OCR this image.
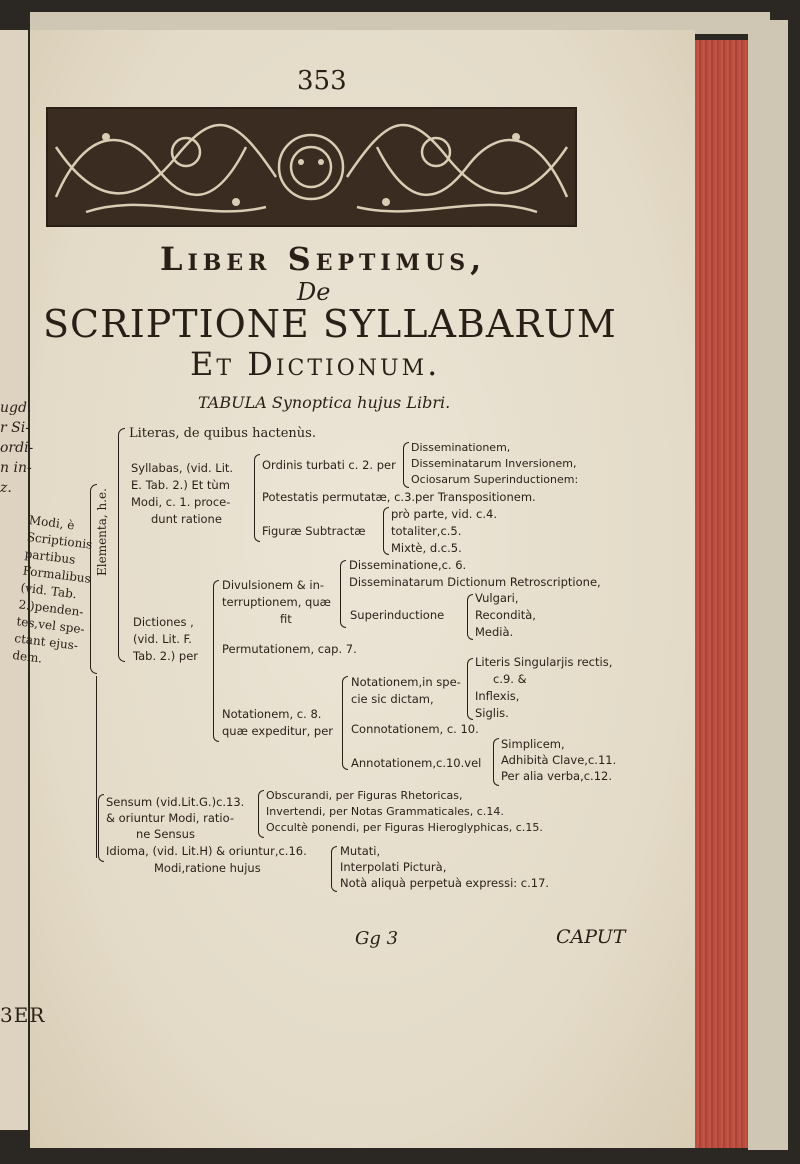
ugd.
r Si-
ordi-
n in-
z.
3ER
353
Liber Septimus,
De
SCRIPTIONE SYLLABARUM
Et Dictionum.
TABULA Synoptica hujus Libri.
Modi, è
Scriptionis
partibus
Formalibus
(vid. Tab.
2.)penden-
tes,vel spe-
ctant ejus-
dem.
Elementa, h.e.
Literas, de quibus hactenùs.
Syllabas, (vid. Lit.
E. Tab. 2.) Et tùm
Modi, c. 1. proce-
dunt ratione
Ordinis turbati c. 2. per
Disseminationem,
Disseminatarum Inversionem,
Ociosarum Superinductionem:
Potestatis permutatæ, c.3.per Transpositionem.
Figuræ Subtractæ
prò parte, vid. c.4.
totaliter,c.5.
Mixtè, d.c.5.
Dictiones ,
(vid. Lit. F.
Tab. 2.) per
Divulsionem & in-
terruptionem, quæ
fit
Disseminatione,c. 6.
Disseminatarum Dictionum Retroscriptione,
Superinductione
Vulgari,
Recondità,
Medià.
Permutationem, cap. 7.
Notationem, c. 8.
quæ expeditur, per
Notationem,in spe-
cie sic dictam,
Literis Singularjis rectis,
c.9. &
Inflexis,
Siglis.
Connotationem, c. 10.
Annotationem,c.10.vel
Simplicem,
Adhibità Clave,c.11.
Per alia verba,c.12.
Sensum (vid.Lit.G.)c.13.
& oriuntur Modi, ratio-
ne Sensus
Obscurandi, per Figuras Rhetoricas,
Invertendi, per Notas Grammaticales, c.14.
Occultè ponendi, per Figuras Hieroglyphicas, c.15.
Idioma, (vid. Lit.H) & oriuntur,c.16.
Modi,ratione hujus
Mutati,
Interpolati Picturà,
Notà aliquà perpetuà expressi: c.17.
Gg 3	CAPUT
